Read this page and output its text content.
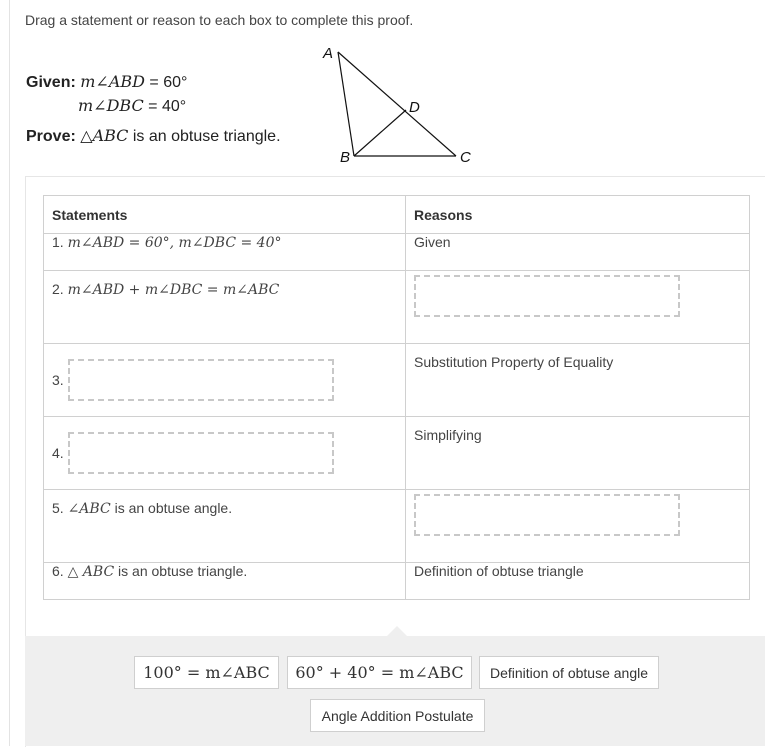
Drag a statement or reason to each box to complete this proof.
Given: m∠ABD = 60°
m∠DBC = 40°
Prove: △ABC is an obtuse triangle.
A
B	C
D
Statements	Reasons
1. m∠ABD = 60°, m∠DBC = 40°	Given
2. m∠ABD + m∠DBC = m∠ABC	
3.	Substitution Property of Equality
4.	Simplifying
5. ∠ABC is an obtuse angle.	
6. △ ABC is an obtuse triangle.	Definition of obtuse triangle
100° = m∠ABC	60° + 40° = m∠ABC	Definition of obtuse angle
Angle Addition Postulate
